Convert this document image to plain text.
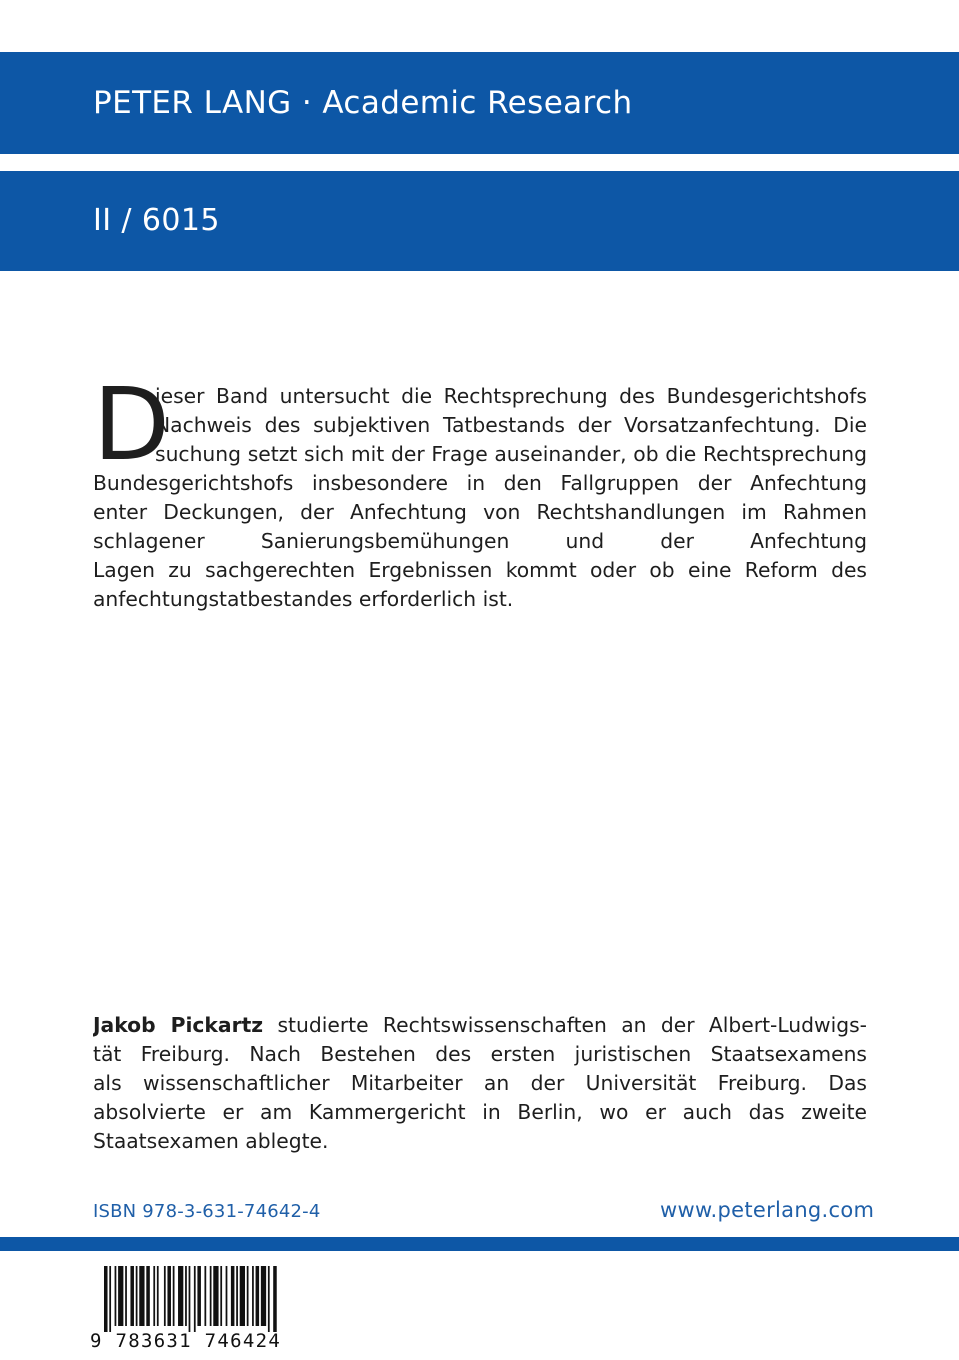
PETER LANG · Academic Research
II / 6015
D
ieser Band untersucht die Rechtsprechung des Bundesgerichtshofs
Nachweis des subjektiven Tatbestands der Vorsatzanfechtung. Die
suchung setzt sich mit der Frage auseinander, ob die Rechtsprechung
Bundesgerichtshofs insbesondere in den Fallgruppen der Anfechtung
enter Deckungen, der Anfechtung von Rechtshandlungen im Rahmen
schlagener Sanierungsbemühungen und der Anfechtung
Lagen zu sachgerechten Ergebnissen kommt oder ob eine Reform des
anfechtungstatbestandes erforderlich ist.
Jakob Pickartz studierte Rechtswissenschaften an der Albert-Ludwigs-
tät Freiburg. Nach Bestehen des ersten juristischen Staatsexamens
als wissenschaftlicher Mitarbeiter an der Universität Freiburg. Das
absolvierte er am Kammergericht in Berlin, wo er auch das zweite
Staatsexamen ablegte.
ISBN 978-3-631-74642-4	www.peterlang.com
9 783631 746424
